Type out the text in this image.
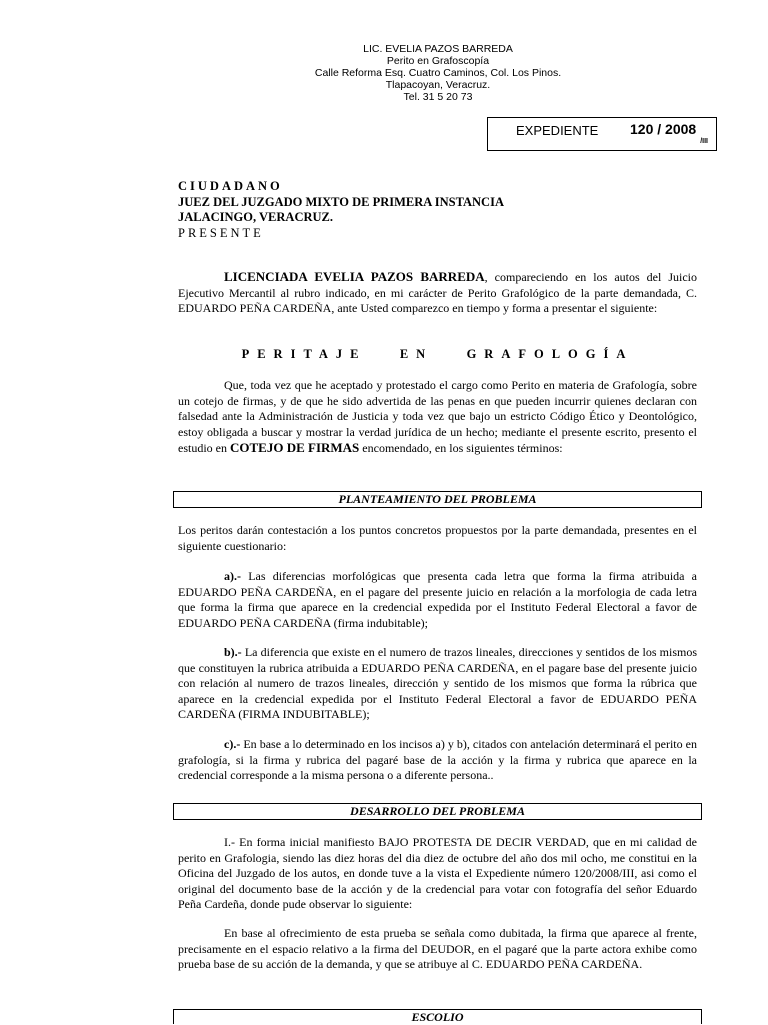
LIC. EVELIA PAZOS BARREDA
Perito en Grafoscopía
Calle Reforma Esq. Cuatro Caminos, Col. Los Pinos.
Tlapacoyan, Veracruz.
Tel. 31 5 20 73
EXPEDIENTE 120 / 2008
/III
CIUDADANO
JUEZ DEL JUZGADO MIXTO DE PRIMERA INSTANCIA
JALACINGO, VERACRUZ.
PRESENTE

LICENCIADA EVELIA PAZOS BARREDA, compareciendo en los autos del Juicio Ejecutivo Mercantil al rubro indicado, en mi carácter de Perito Grafológico de la parte demandada, C. EDUARDO PEÑA CARDEÑA, ante Usted comparezco en tiempo y forma a presentar el siguiente:

PERITAJE   EN   GRAFOLOGÍA

Que, toda vez que he aceptado y protestado el cargo como Perito en materia de Grafología, sobre un cotejo de firmas, y de que he sido advertida de las penas en que pueden incurrir quienes declaran con falsedad ante la Administración de Justicia y toda vez que bajo un estricto Código Ético y Deontológico, estoy obligada a buscar y mostrar la verdad jurídica de un hecho; mediante el presente escrito, presento el estudio en COTEJO DE FIRMAS encomendado, en los siguientes términos:

PLANTEAMIENTO DEL PROBLEMA

Los peritos darán contestación a los puntos concretos propuestos por la parte demandada, presentes en el siguiente cuestionario:

a).- Las diferencias morfológicas que presenta cada letra que forma la firma atribuida a EDUARDO PEÑA CARDEÑA, en el pagare del presente juicio en relación a la morfologia de cada letra que forma la firma que aparece en la credencial expedida por el Instituto Federal Electoral a favor de EDUARDO PEÑA CARDEÑA (firma indubitable);

b).- La diferencia que existe en el numero de trazos lineales, direcciones y sentidos de los mismos que constituyen la rubrica atribuida a EDUARDO PEÑA CARDEÑA, en el pagare base del presente juicio con relación al numero de trazos lineales, dirección y sentido de los mismos que forma la rúbrica que aparece en la credencial expedida por el Instituto Federal Electoral a favor de EDUARDO PEÑA CARDEÑA (FIRMA INDUBITABLE);

c).- En base a lo determinado en los incisos a) y b), citados con antelación determinará el perito en grafología, si la firma y rubrica del pagaré base de la acción y la firma y rubrica que aparece en la credencial corresponde a la misma persona o a diferente persona..

DESARROLLO DEL PROBLEMA

I.- En forma inicial manifiesto BAJO PROTESTA DE DECIR VERDAD, que en mi calidad de perito en Grafologia, siendo las diez horas del dia diez de octubre del año dos mil ocho, me constitui en la Oficina del Juzgado de los autos, en donde tuve a la vista el Expediente número 120/2008/III, asi como el original del documento base de la acción y de la credencial para votar con fotografía del señor Eduardo Peña Cardeña, donde pude observar lo siguiente:

En base al ofrecimiento de esta prueba se señala como dubitada, la firma que aparece al frente, precisamente en el espacio relativo a la firma del DEUDOR, en el pagaré que la parte actora exhibe como prueba base de su acción de la demanda, y que se atribuye al C. EDUARDO PEÑA CARDEÑA.

ESCOLIO
